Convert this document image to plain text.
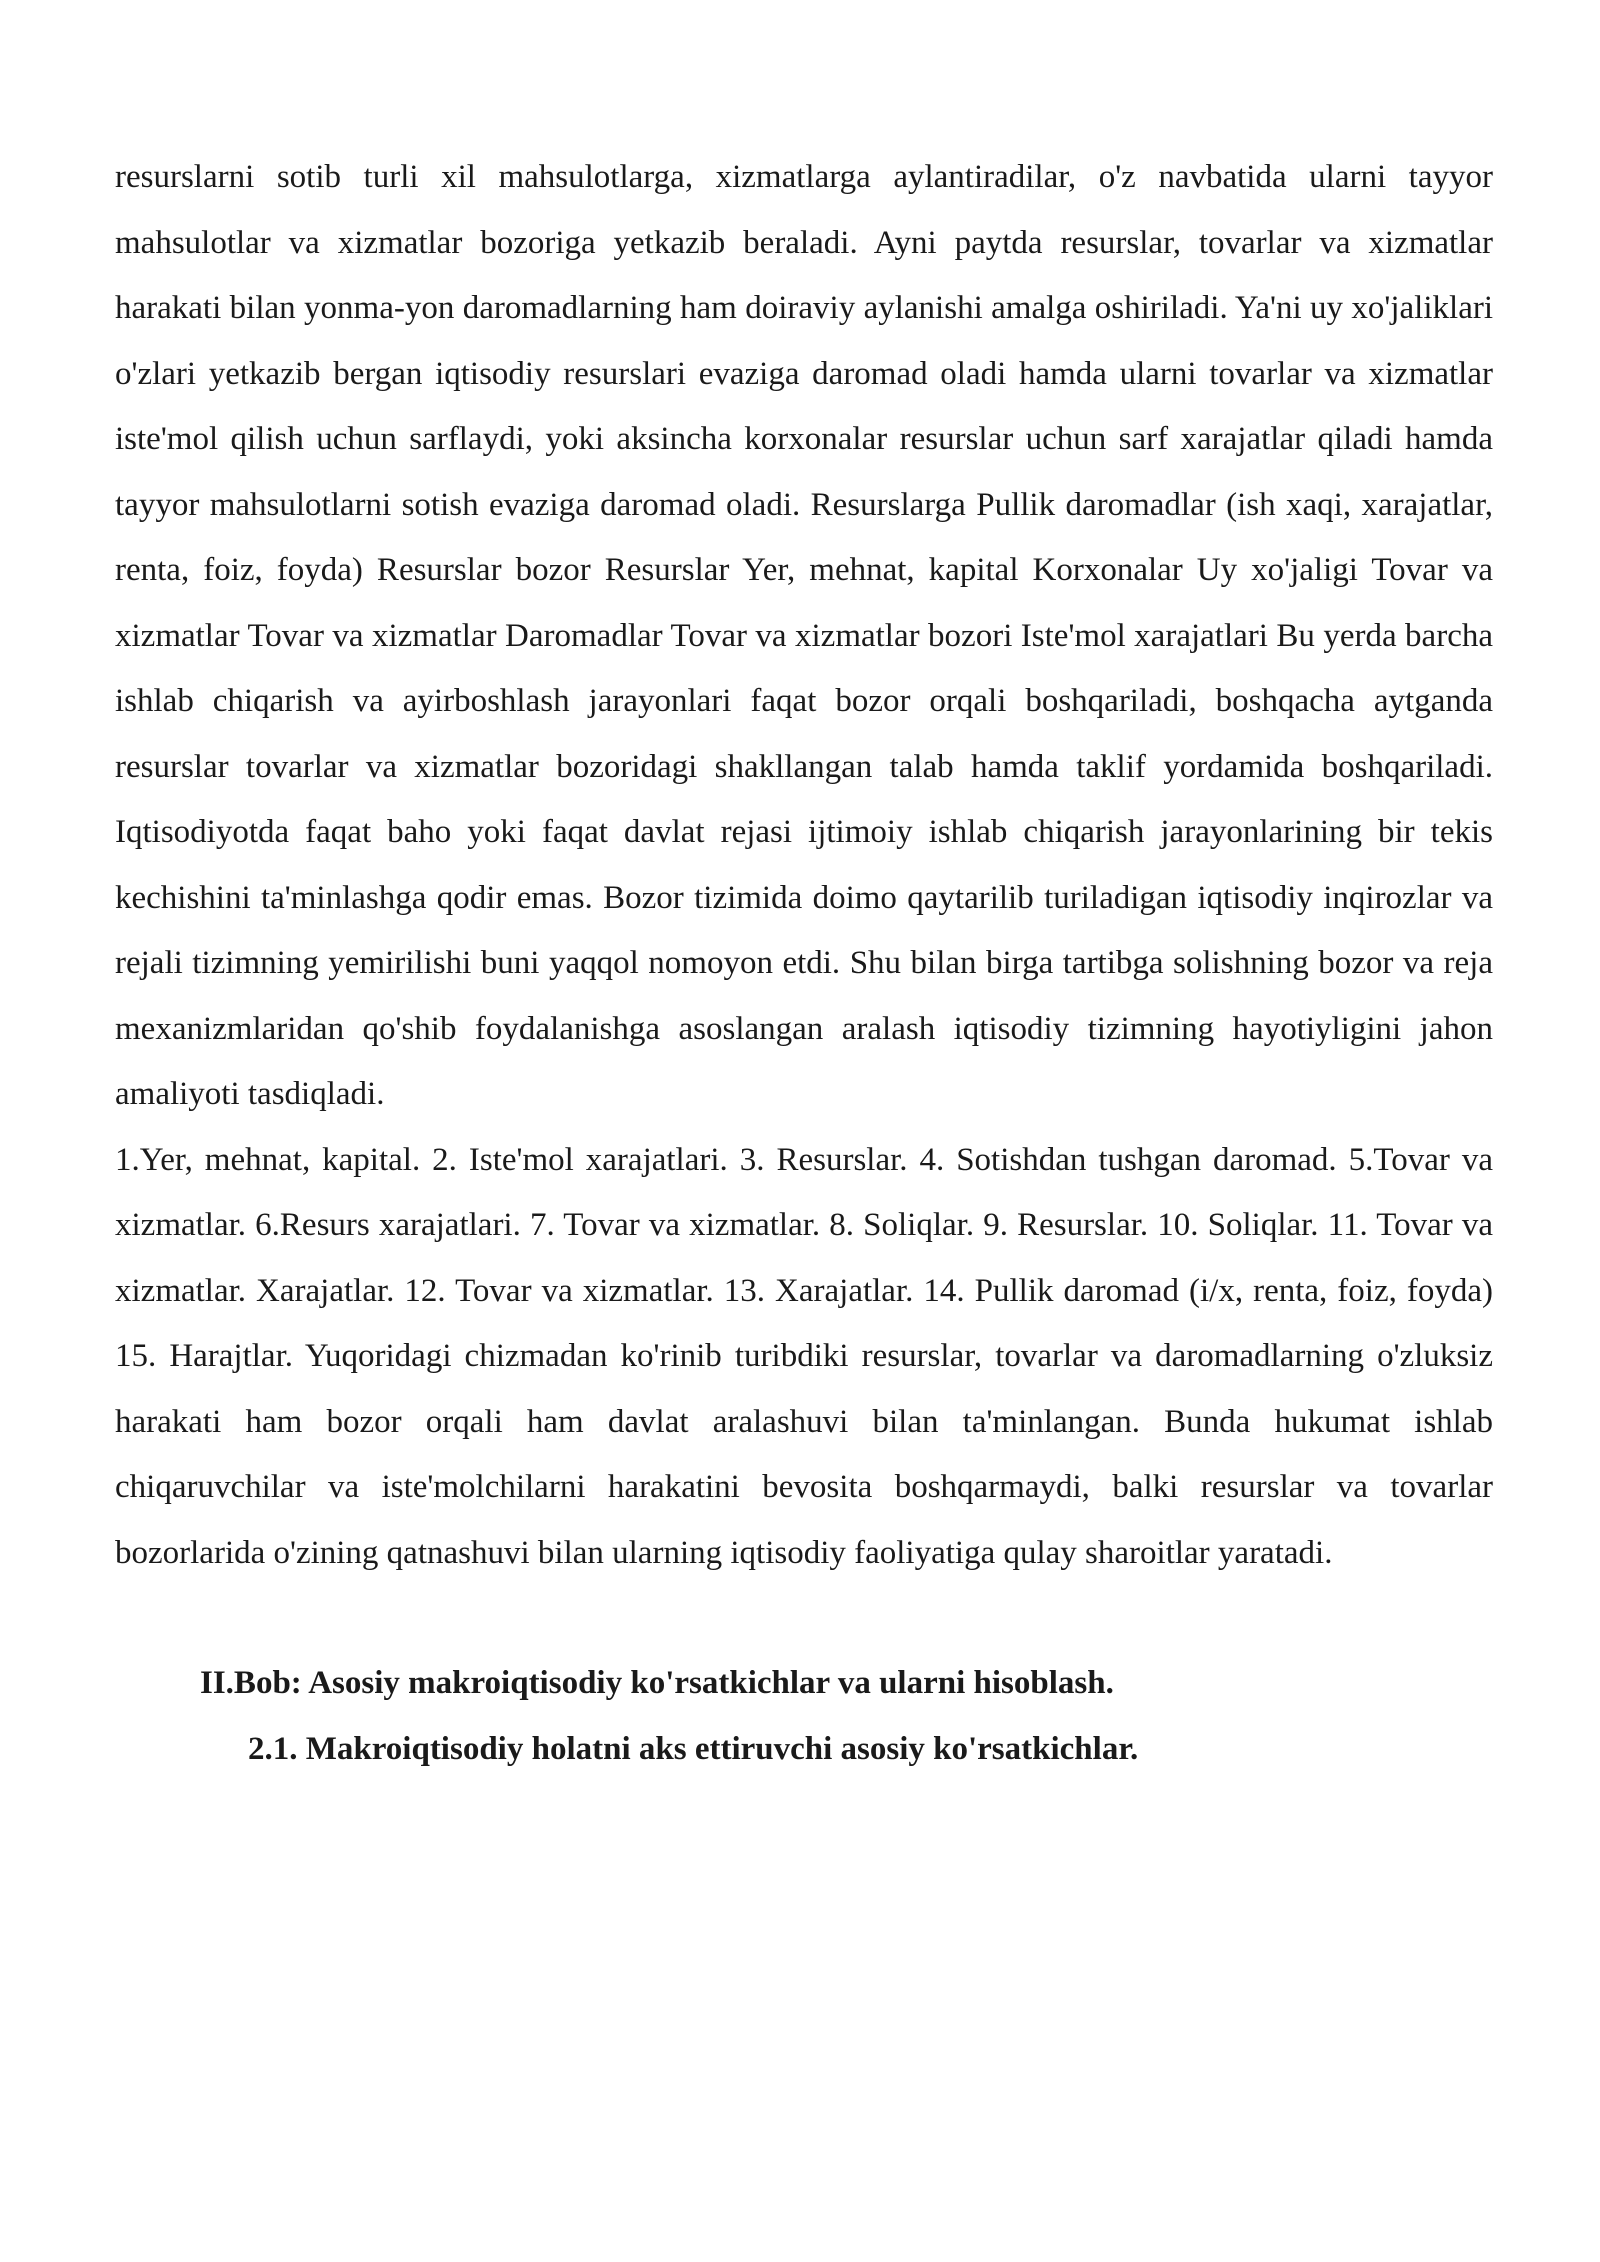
resurslarni sotib turli xil mahsulotlarga, xizmatlarga aylantiradilar, o'z navbatida ularni tayyor mahsulotlar va xizmatlar bozoriga yetkazib beraladi. Ayni paytda resurslar, tovarlar va xizmatlar harakati bilan yonma-yon daromadlarning ham doiraviy aylanishi amalga oshiriladi. Ya'ni uy xo'jaliklari o'zlari yetkazib bergan iqtisodiy resurslari evaziga daromad oladi hamda ularni tovarlar va xizmatlar iste'mol qilish uchun sarflaydi, yoki aksincha korxonalar resurslar uchun sarf xarajatlar qiladi hamda tayyor mahsulotlarni sotish evaziga daromad oladi. Resurslarga Pullik daromadlar (ish xaqi, xarajatlar, renta, foiz, foyda) Resurslar bozor Resurslar Yer, mehnat, kapital Korxonalar Uy xo'jaligi Tovar va xizmatlar Tovar va xizmatlar Daromadlar Tovar va xizmatlar bozori Iste'mol xarajatlari Bu yerda barcha ishlab chiqarish va ayirboshlash jarayonlari faqat bozor orqali boshqariladi, boshqacha aytganda resurslar tovarlar va xizmatlar bozoridagi shakllangan talab hamda taklif yordamida boshqariladi. Iqtisodiyotda faqat baho yoki faqat davlat rejasi ijtimoiy ishlab chiqarish jarayonlarining bir tekis kechishini ta'minlashga qodir emas. Bozor tizimida doimo qaytarilib turiladigan iqtisodiy inqirozlar va rejali tizimning yemirilishi buni yaqqol nomoyon etdi. Shu bilan birga tartibga solishning bozor va reja mexanizmlaridan qo'shib foydalanishga asoslangan aralash iqtisodiy tizimning hayotiyligini jahon amaliyoti tasdiqladi.

1.Yer, mehnat, kapital. 2. Iste'mol xarajatlari. 3. Resurslar. 4. Sotishdan tushgan daromad. 5.Tovar va xizmatlar. 6.Resurs xarajatlari. 7. Tovar va xizmatlar. 8. Soliqlar. 9. Resurslar. 10. Soliqlar. 11. Tovar va xizmatlar. Xarajatlar. 12. Tovar va xizmatlar. 13. Xarajatlar. 14. Pullik daromad (i/x, renta, foiz, foyda) 15. Harajtlar. Yuqoridagi chizmadan ko'rinib turibdiki resurslar, tovarlar va daromadlarning o'zluksiz harakati ham bozor orqali ham davlat aralashuvi bilan ta'minlangan. Bunda hukumat ishlab chiqaruvchilar va iste'molchilarni harakatini bevosita boshqarmaydi, balki resurslar va tovarlar bozorlarida o'zining qatnashuvi bilan ularning iqtisodiy faoliyatiga qulay sharoitlar yaratadi.

II.Bob: Asosiy makroiqtisodiy ko'rsatkichlar va ularni hisoblash.
2.1. Makroiqtisodiy holatni aks ettiruvchi asosiy ko'rsatkichlar.
